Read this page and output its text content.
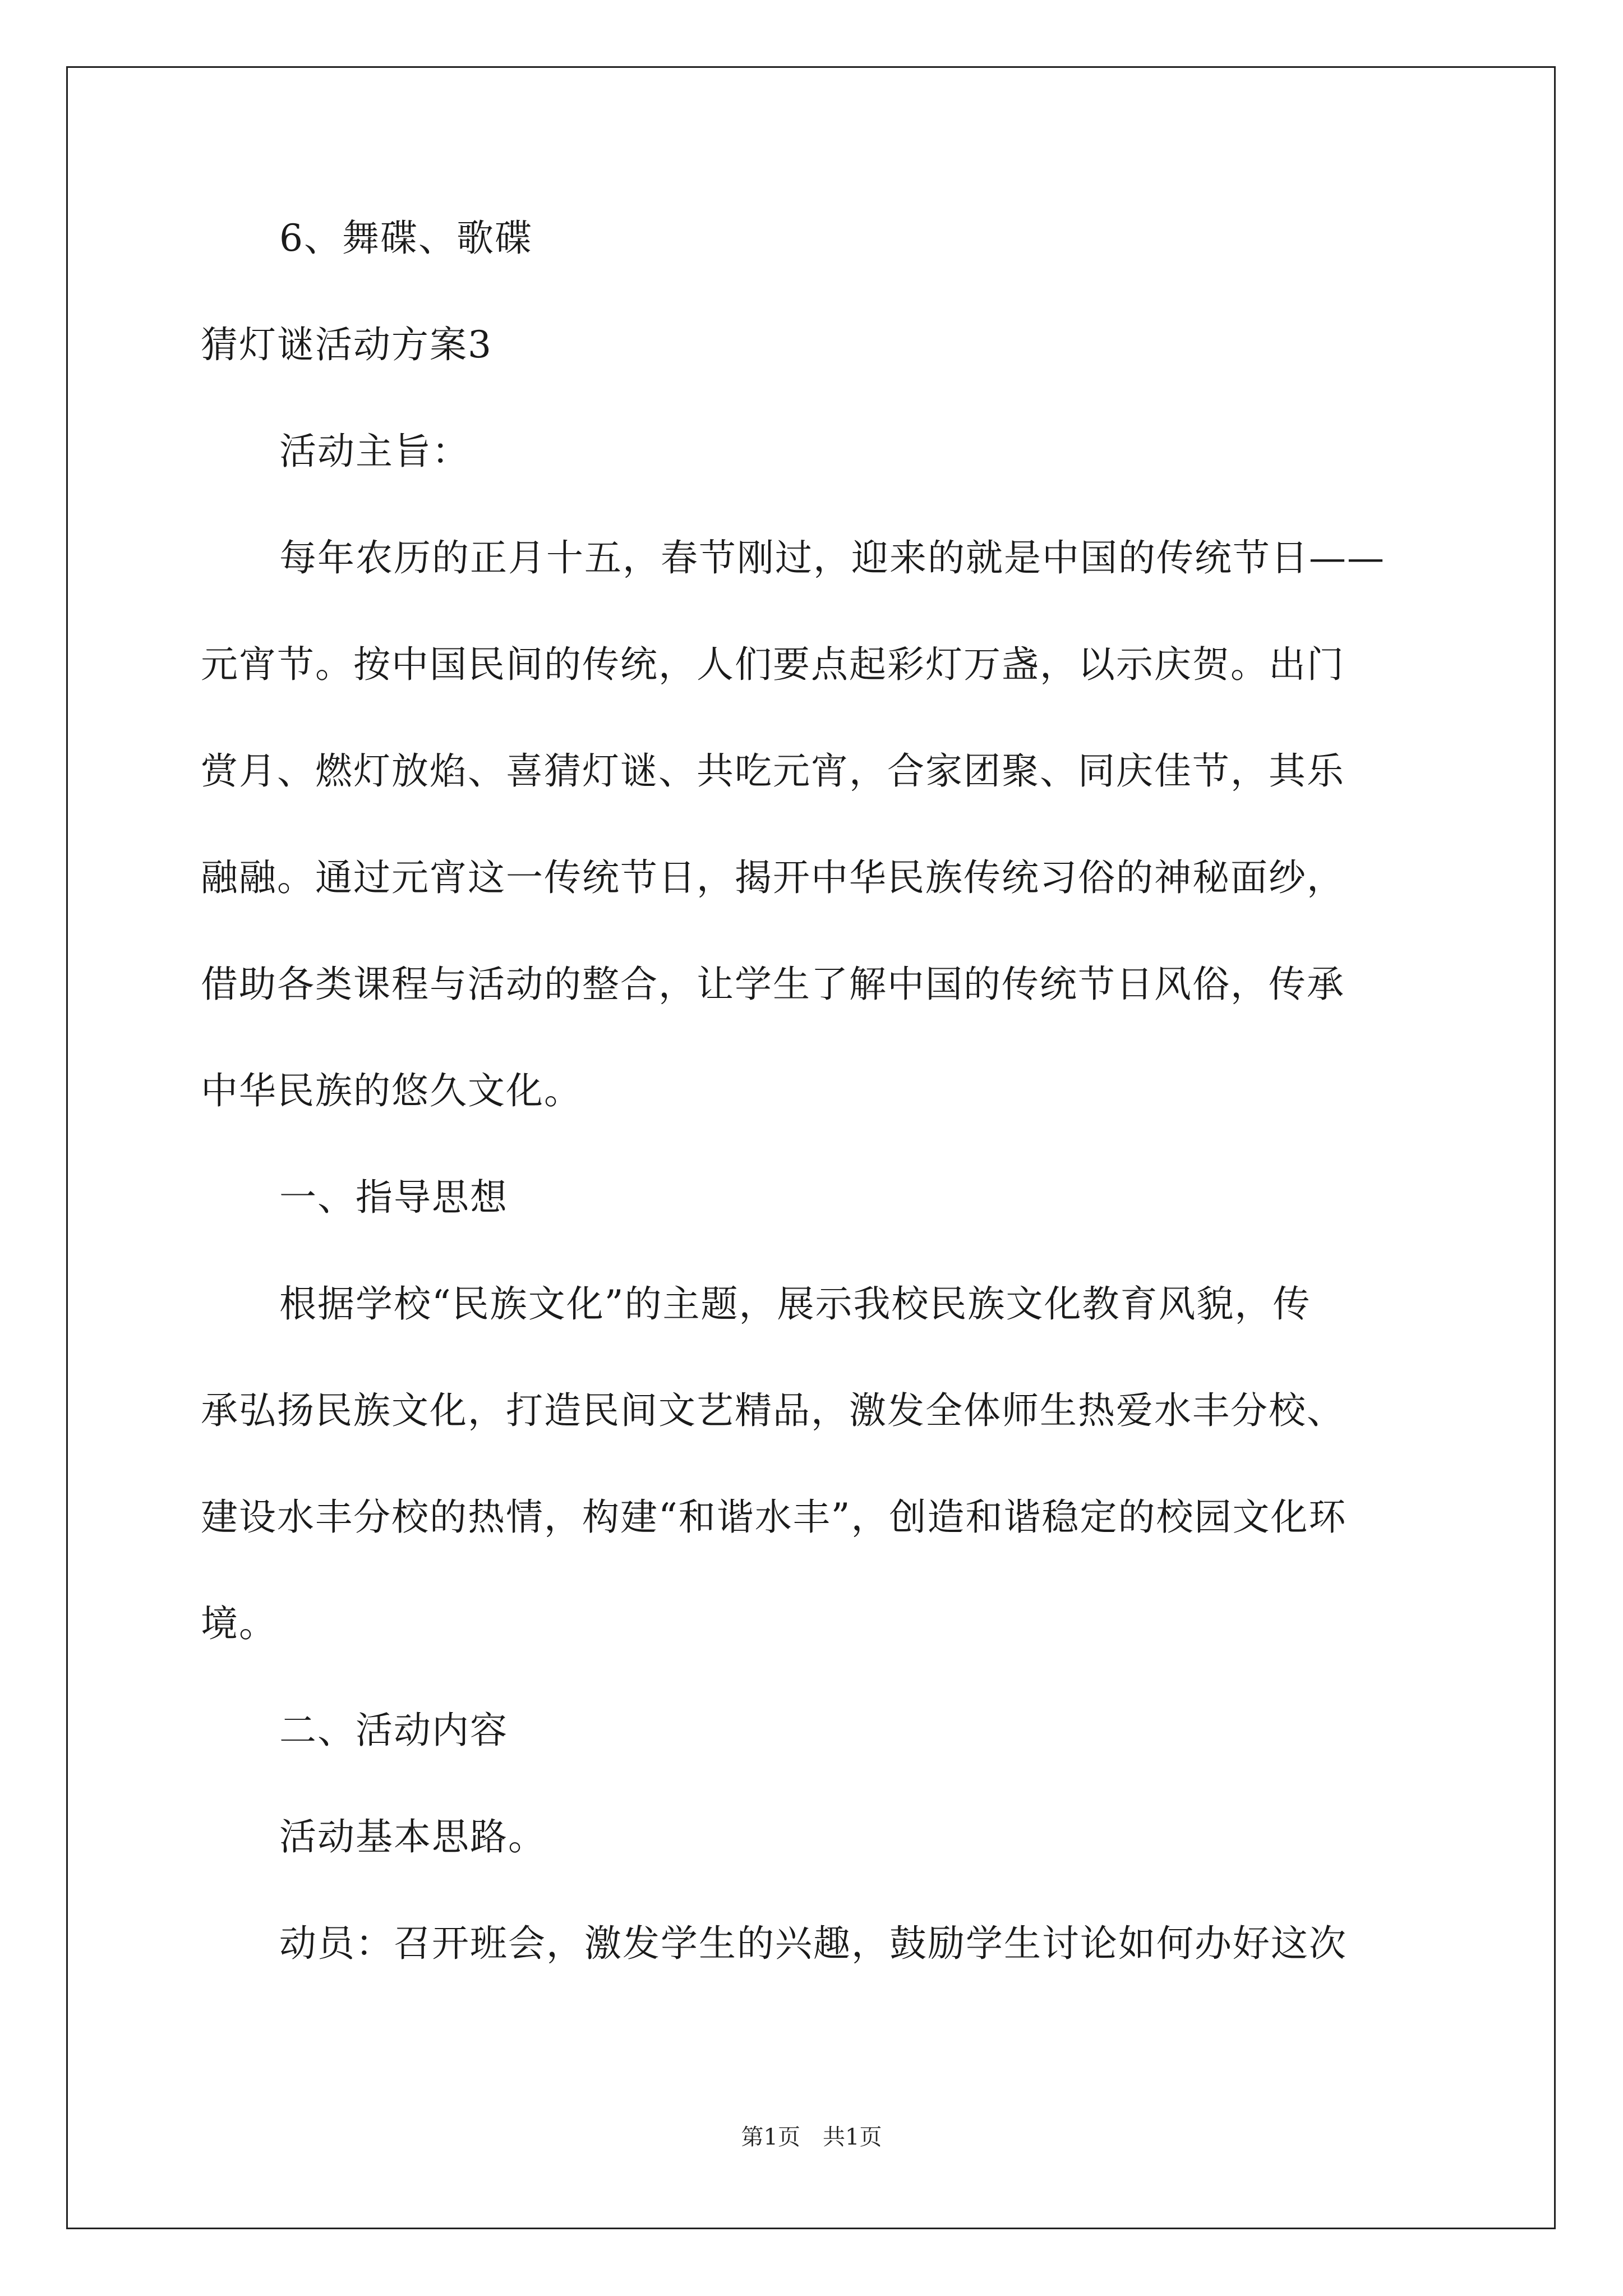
6、舞碟、歌碟
猜灯谜活动方案3
活动主旨：
每年农历的正月十五，春节刚过，迎来的就是中国的传统节日——
元宵节。按中国民间的传统，人们要点起彩灯万盏，以示庆贺。出门
赏月、燃灯放焰、喜猜灯谜、共吃元宵，合家团聚、同庆佳节，其乐
融融。通过元宵这一传统节日，揭开中华民族传统习俗的神秘面纱，
借助各类课程与活动的整合，让学生了解中国的传统节日风俗，传承
中华民族的悠久文化。
一、指导思想
根据学校“民族文化”的主题，展示我校民族文化教育风貌，传
承弘扬民族文化，打造民间文艺精品，激发全体师生热爱水丰分校、
建设水丰分校的热情，构建“和谐水丰”，创造和谐稳定的校园文化环
境。
二、活动内容
活动基本思路。
动员：召开班会，激发学生的兴趣，鼓励学生讨论如何办好这次
第1页　共1页
